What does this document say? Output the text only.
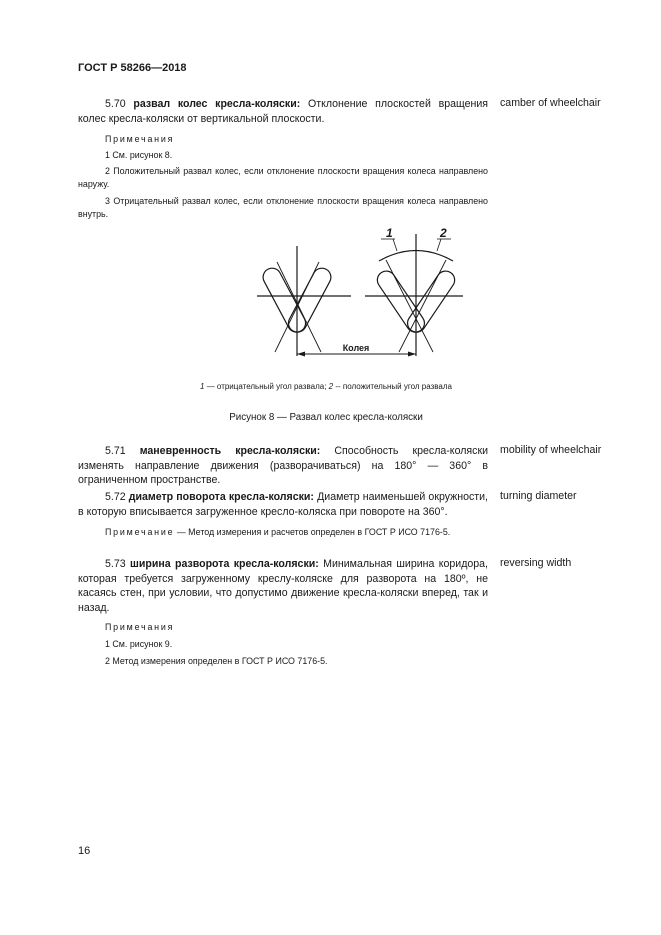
ГОСТ Р 58266—2018

5.70 развал колес кресла-коляски: Отклонение плоскостей вращения колес кресла-коляски от вертикальной плоскости.

Примечания

1 См. рисунок 8.

2 Положительный развал колес, если отклонение плоскости вращения колеса направлено наружу.

3 Отрицательный развал колес, если отклонение плоскости вращения колеса направлено внутрь.

camber of wheelchair
1	2
Колея
1 — отрицательный угол развала; 2 -- положительный угол развала
Рисунок 8 — Развал колес кресла-коляски

5.71 маневренность кресла-коляски: Способность кресла-коляски изменять направление движения (разворачиваться) на 180° — 360° в ограниченном пространстве.

mobility of wheelchair

5.72 диаметр поворота кресла-коляски: Диаметр наименьшей окружности, в которую вписывается загруженное кресло-коляска при повороте на 360°.

Примечание — Метод измерения и расчетов определен в ГОСТ Р ИСО 7176-5.

turning diameter

5.73 ширина разворота кресла-коляски: Минимальная ширина коридора, которая требуется загруженному креслу-коляске для разворота на 180º, не касаясь стен, при условии, что допустимо движение кресла-коляски вперед, так и назад.

Примечания

1 См. рисунок 9.

2 Метод измерения определен в ГОСТ Р ИСО 7176-5.

reversing width
16
